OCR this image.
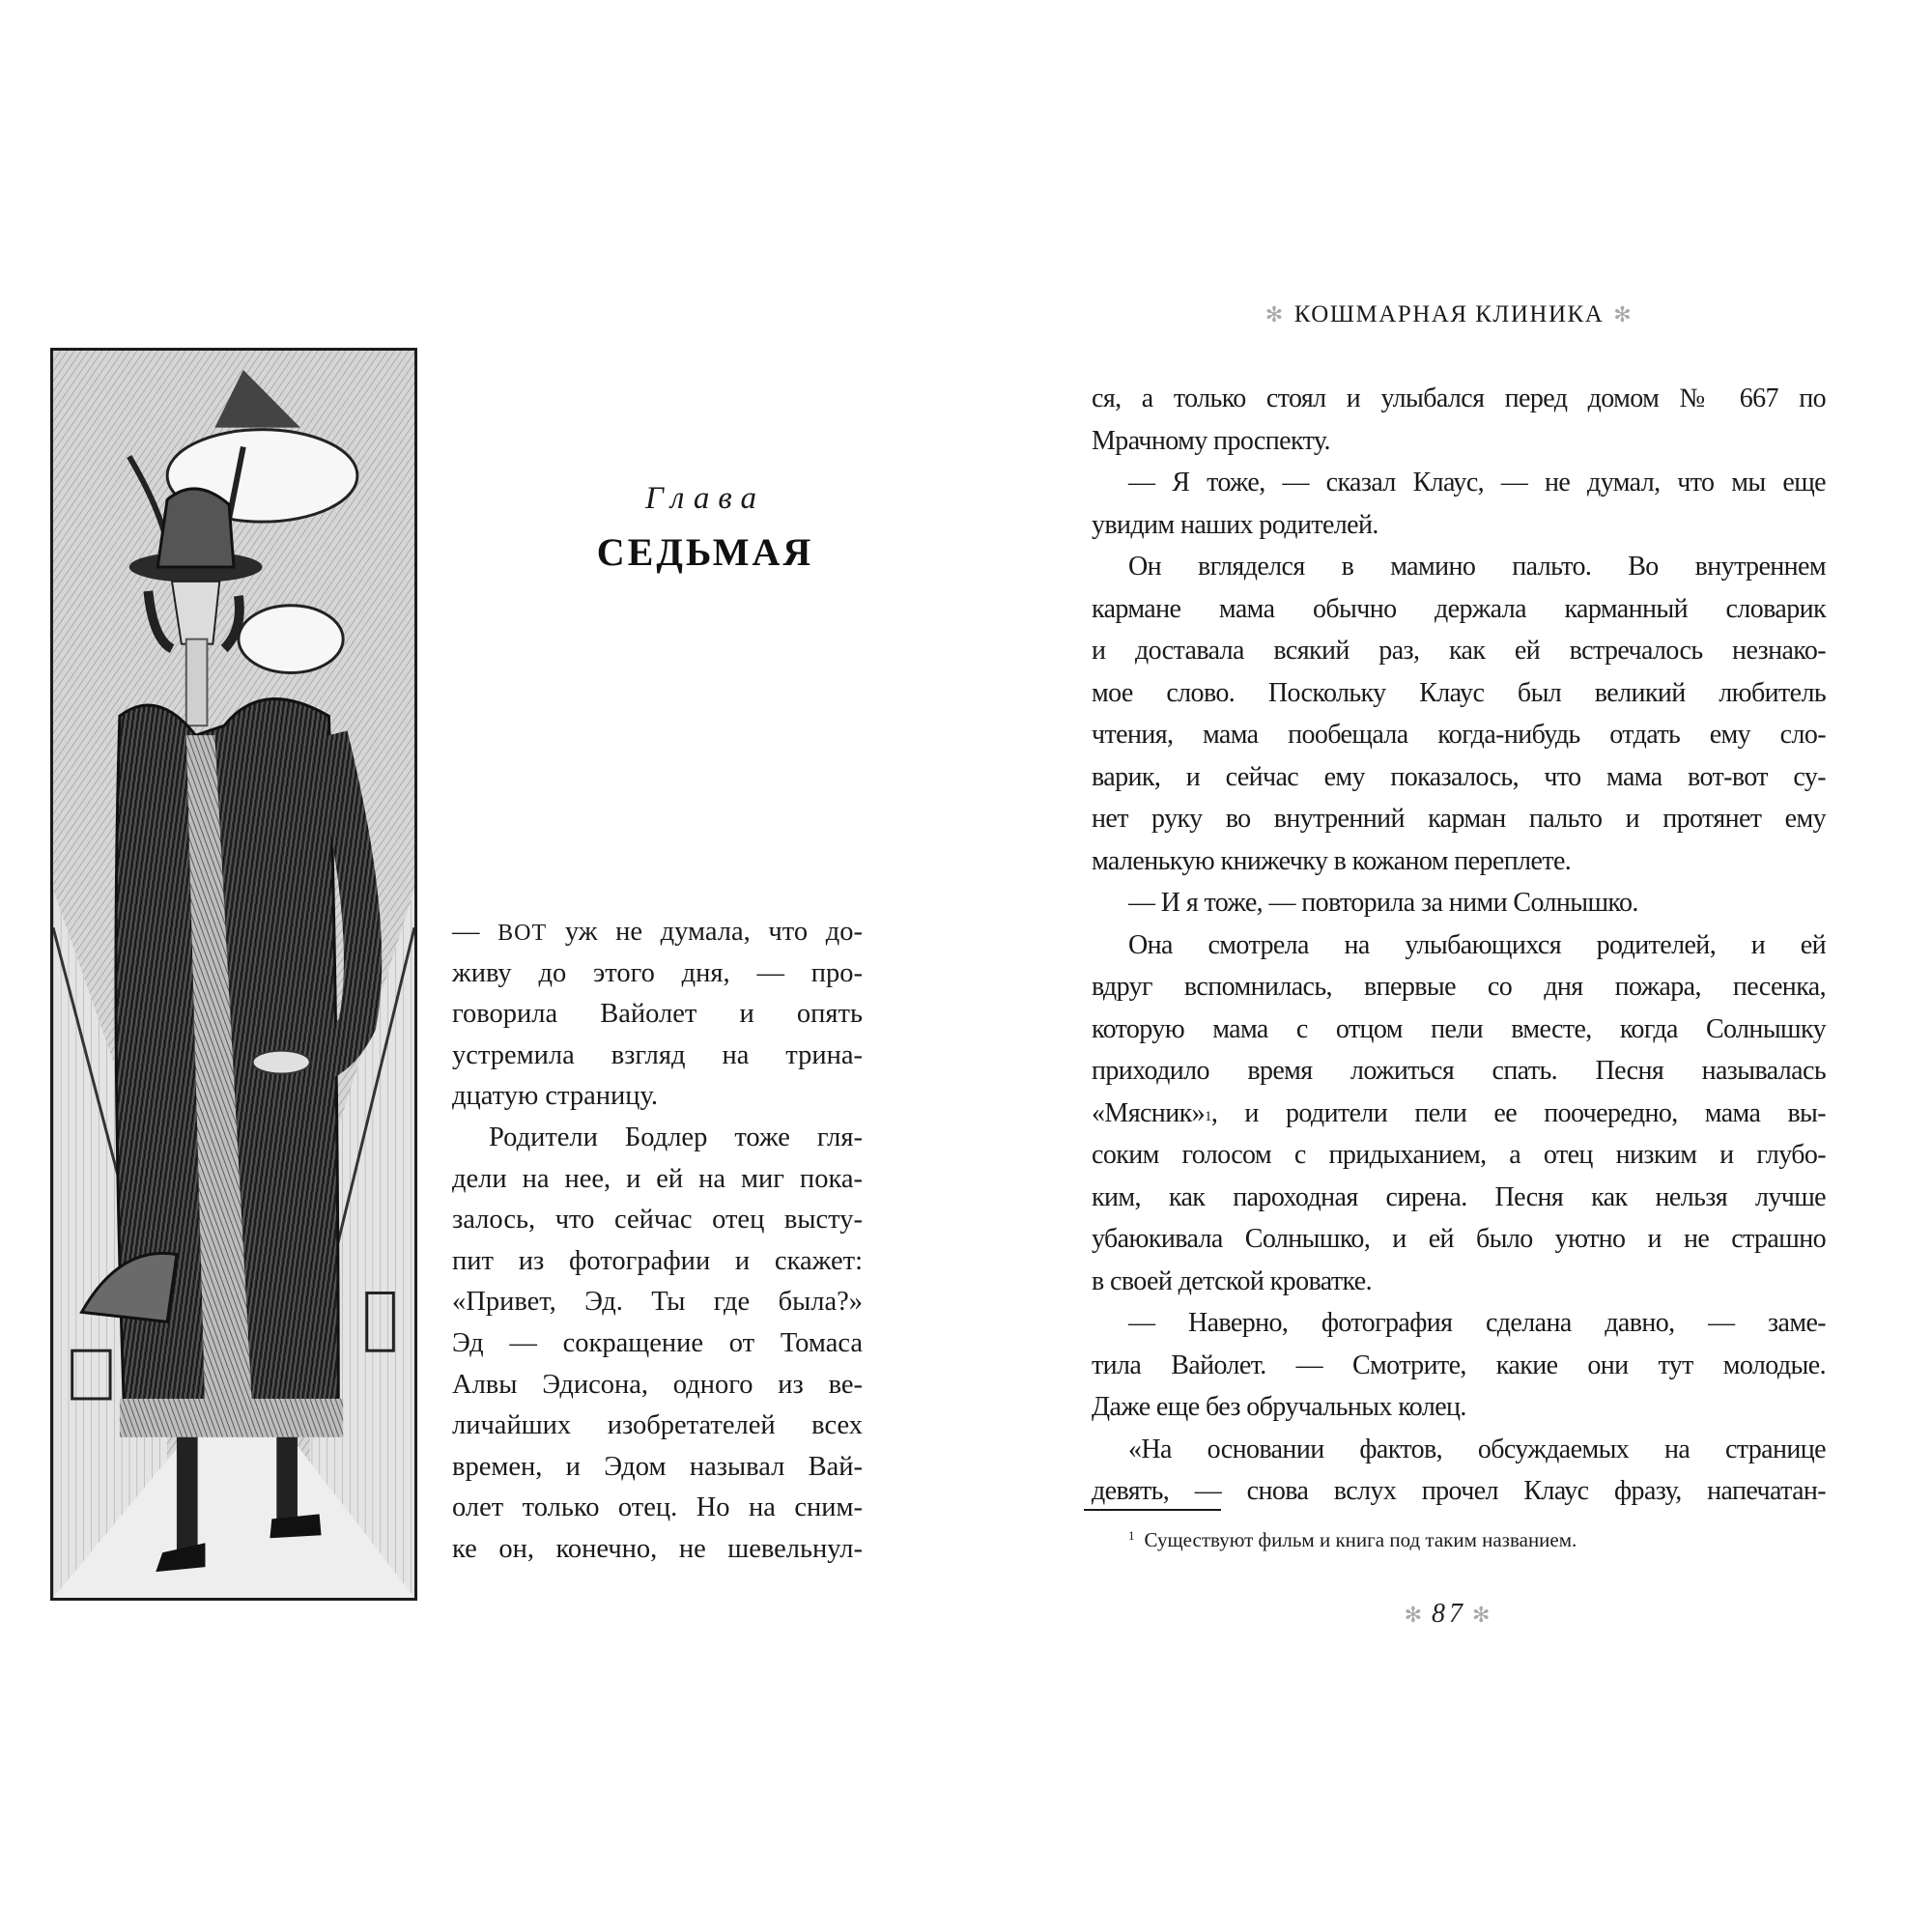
Глава
СЕДЬМАЯ
— ВОТ уж не думала, что до-
живу до этого дня, — про-
говорила Вайолет и опять
устремила взгляд на трина-
дцатую страницу.
Родители Бодлер тоже гля-
дели на нее, и ей на миг пока-
залось, что сейчас отец высту-
пит из фотографии и скажет:
«Привет, Эд. Ты где была?»
Эд — сокращение от Томаса
Алвы Эдисона, одного из ве-
личайших изобретателей всех
времен, и Эдом называл Вай-
олет только отец. Но на сним-
ке он, конечно, не шевельнул-
✻ КОШМАРНАЯ КЛИНИКА ✻
ся, а только стоял и улыбался перед домом № 667 по
Мрачному проспекту.
— Я тоже, — сказал Клаус, — не думал, что мы еще
увидим наших родителей.
Он вгляделся в мамино пальто. Во внутреннем
кармане мама обычно держала карманный словарик
и доставала всякий раз, как ей встречалось незнако-
мое слово. Поскольку Клаус был великий любитель
чтения, мама пообещала когда-нибудь отдать ему сло-
варик, и сейчас ему показалось, что мама вот-вот су-
нет руку во внутренний карман пальто и протянет ему
маленькую книжечку в кожаном переплете.
— И я тоже, — повторила за ними Солнышко.
Она смотрела на улыбающихся родителей, и ей
вдруг вспомнилась, впервые со дня пожара, песенка,
которую мама с отцом пели вместе, когда Солнышку
приходило время ложиться спать. Песня называлась
«Мясник»$^1$, и родители пели ее поочередно, мама вы-
соким голосом с придыханием, а отец низким и глубо-
ким, как пароходная сирена. Песня как нельзя лучше
убаюкивала Солнышко, и ей было уютно и не страшно
в своей детской кроватке.
— Наверно, фотография сделана давно, — заме-
тила Вайолет. — Смотрите, какие они тут молодые.
Даже еще без обручальных колец.
«На основании фактов, обсуждаемых на странице
девять, — снова вслух прочел Клаус фразу, напечатан-
$^1$ Существуют фильм и книга под таким названием.
✻ 87 ✻
